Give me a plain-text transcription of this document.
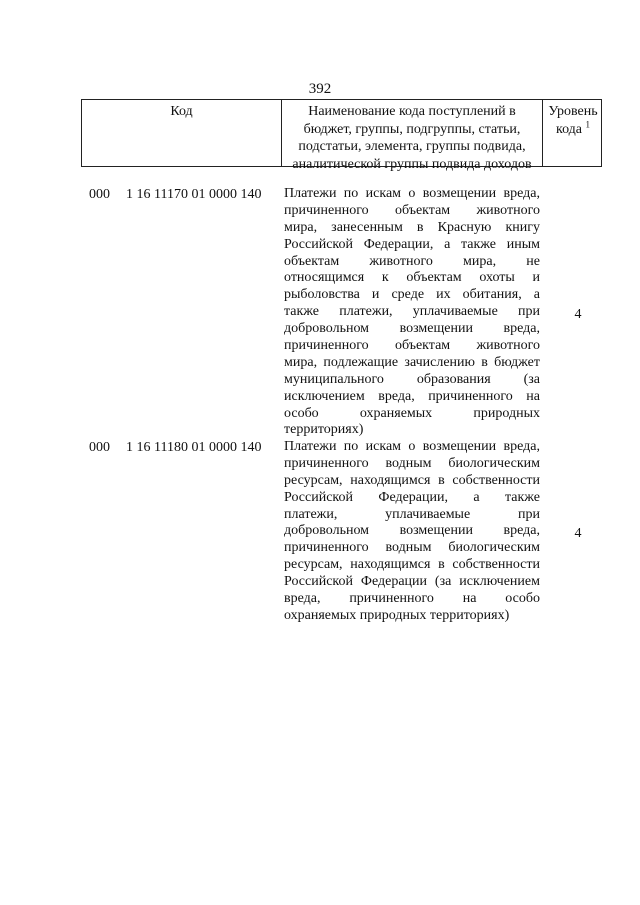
392
Код	Наименование кода поступлений в
бюджет, группы, подгруппы, статьи,
подстатьи, элемента, группы подвида,
аналитической группы подвида доходов
Уровень
кода $^1$
000 1 16 11170 01 0000 140 Платежи по искам о возмещении вреда,
причиненного объектам животного
мира, занесенным в Красную книгу
Российской Федерации, а также иным
объектам животного мира, не
относящимся к объектам охоты и
рыболовства и среде их обитания, а
также платежи, уплачиваемые при
добровольном возмещении вреда,
причиненного объектам животного
мира, подлежащие зачислению в бюджет
муниципального образования (за
исключением вреда, причиненного на
особо охраняемых природных
территориях)
4
000 1 16 11180 01 0000 140 Платежи по искам о возмещении вреда,
причиненного водным биологическим
ресурсам, находящимся в собственности
Российской Федерации, а также
платежи, уплачиваемые при
добровольном возмещении вреда,
причиненного водным биологическим
ресурсам, находящимся в собственности
Российской Федерации (за исключением
вреда, причиненного на особо
охраняемых природных территориях)
4
